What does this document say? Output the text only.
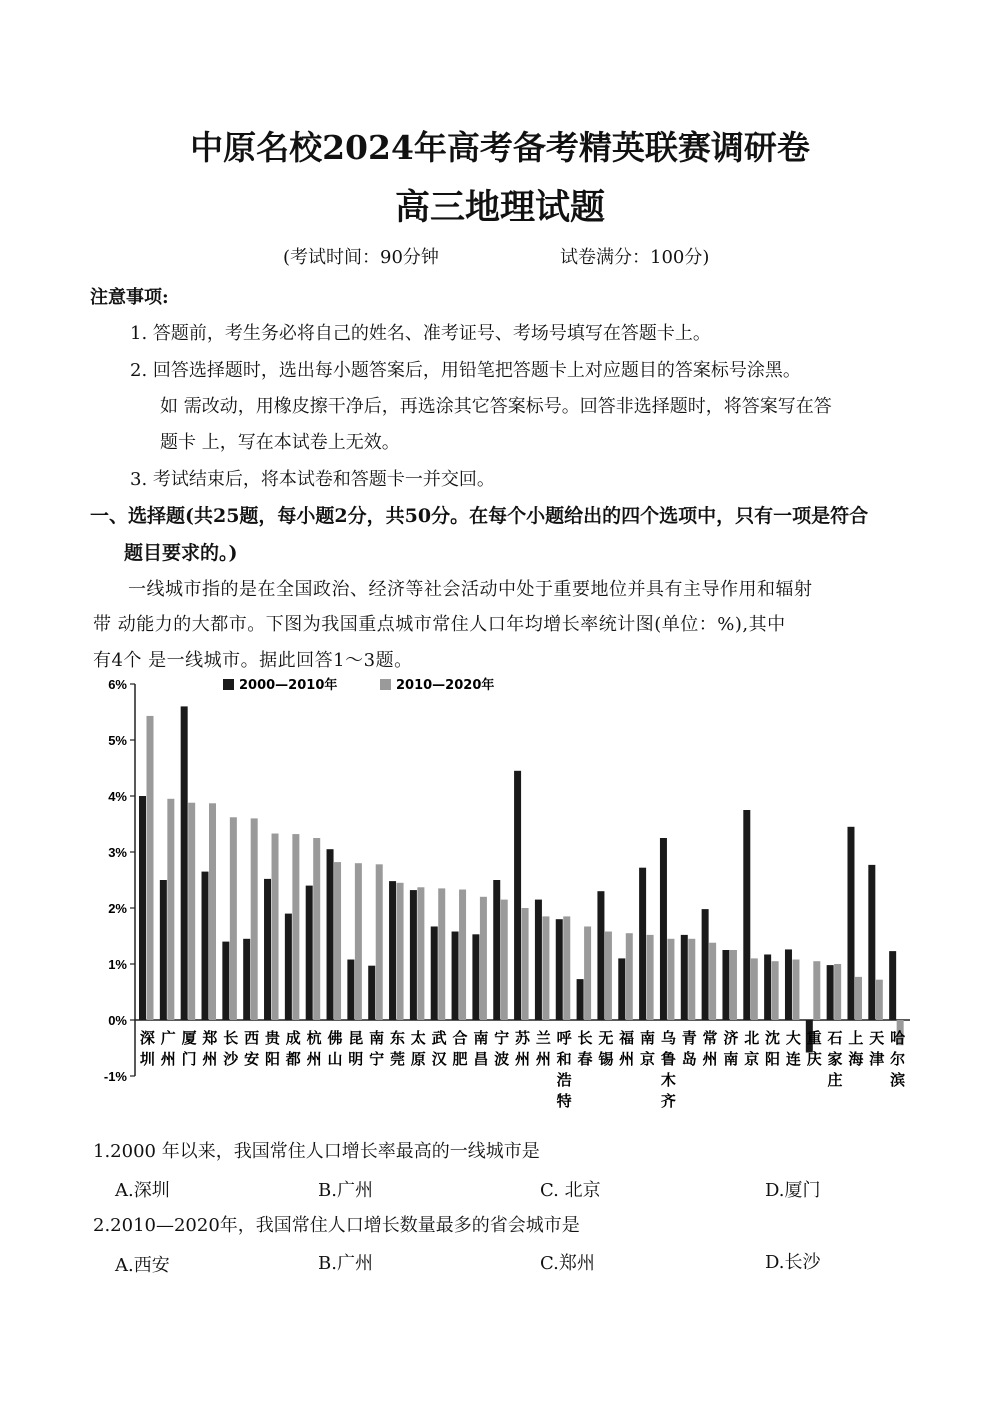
中原名校2024年高考备考精英联赛调研卷
高三地理试题
(考试时间：90分钟	试卷满分：100分)
注意事项:
1. 答题前，考生务必将自己的姓名、准考证号、考场号填写在答题卡上。
2. 回答选择题时，选出每小题答案后，用铅笔把答题卡上对应题目的答案标号涂黑。
如 需改动，用橡皮擦干净后，再选涂其它答案标号。回答非选择题时，将答案写在答
题卡 上，写在本试卷上无效。
3. 考试结束后，将本试卷和答题卡一并交回。
一、选择题(共25题，每小题2分，共50分。在每个小题给出的四个选项中，只有一项是符合
题目要求的。)
一线城市指的是在全国政治、经济等社会活动中处于重要地位并具有主导作用和辐射
带 动能力的大都市。下图为我国重点城市常住人口年均增长率统计图(单位：%),其中
有4个 是一线城市。据此回答1～3题。
-1%
0%
1%
2%
3%
4%
5%
6%	2000—2010年	2010—2020年
深圳
广州
厦门
郑州
长沙
西安
贵阳
成都
杭州
佛山
昆明
南宁
东莞
太原
武汉
合肥
南昌
宁波
苏州
兰州
呼和浩特
长春
无锡
福州
南京
乌鲁木齐
青岛
常州
济南
北京
沈阳
大连
重庆
石家庄
上海
天津
哈尔滨
1.2000 年以来，我国常住人口增长率最高的一线城市是
A.深圳	B.广州	C. 北京	D.厦门
2.2010—2020年，我国常住人口增长数量最多的省会城市是
A.西安	B.广州	C.郑州	D.长沙
